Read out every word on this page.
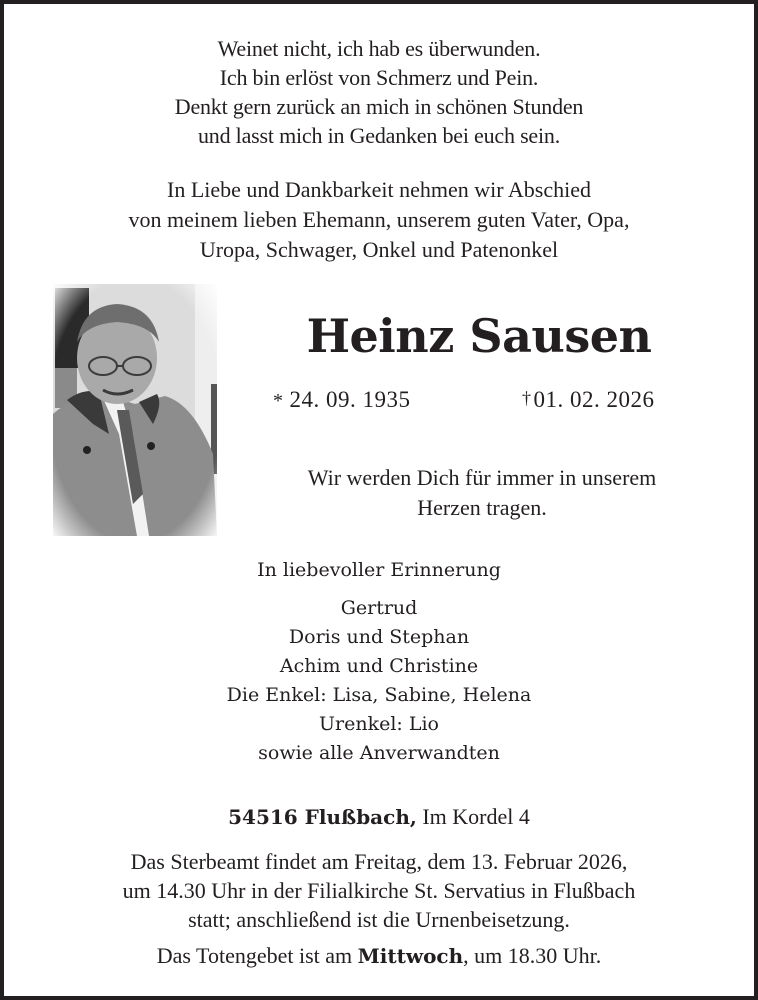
Weinet nicht, ich hab es überwunden.
Ich bin erlöst von Schmerz und Pein.
Denkt gern zurück an mich in schönen Stunden
und lasst mich in Gedanken bei euch sein.
In Liebe und Dankbarkeit nehmen wir Abschied
von meinem lieben Ehemann, unserem guten Vater, Opa,
Uropa, Schwager, Onkel und Patenonkel
Heinz Sausen
* 24. 09. 1935	†01. 02. 2026
Wir werden Dich für immer in unserem
Herzen tragen.
In liebevoller Erinnerung
Gertrud
Doris und Stephan
Achim und Christine
Die Enkel: Lisa, Sabine, Helena
Urenkel: Lio
sowie alle Anverwandten
54516 Flußbach, Im Kordel 4
Das Sterbeamt findet am Freitag, dem 13. Februar 2026,
um 14.30 Uhr in der Filialkirche St. Servatius in Flußbach
statt; anschließend ist die Urnenbeisetzung.
Das Totengebet ist am Mittwoch, um 18.30 Uhr.
